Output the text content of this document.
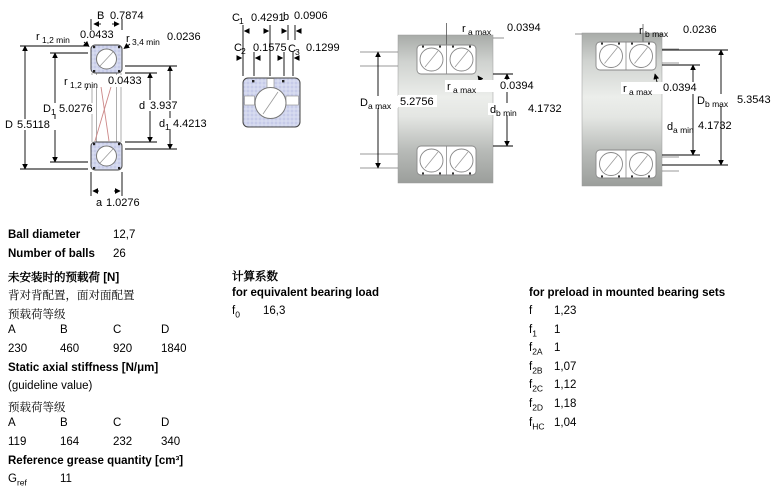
B 0.7874
r 1,2 min 0.0433 r 3,4 min 0.0236
r 1,2 min 0.0433
D 1 5.0276	d 3.937
D 5.5118	d 1 4.4213
a 1.0276
C 1 0.4291
b 0.0906
C 2 0.1575 C 3 0.1299
r a max 0.0394
r a max 0.0394
D a max 5.2756
d b min 4.1732
r b max 0.0236
r a max 0.0394
D b max 5.3543
d a min 4.1732
Ball diameter	12,7
Number of balls 26
未安装时的预载荷 [N]
背对背配置，面对面配置
预载荷等级
A	B	C	D
230	460	920	1840
Static axial stiffness [N/μm]
(guideline value)
预载荷等级
A	B	C	D
119	164	232	340
Reference grease quantity [cm³]
$G_{ref}$	11
计算系数
for equivalent bearing load
$f_0$ 16,3
for preload in mounted bearing sets
f 1,23
$f_1$ 1
$f_{2A}$ 1
$f_{2B}$ 1,07
$f_{2C}$ 1,12
$f_{2D}$ 1,18
$f_{HC}$ 1,04
